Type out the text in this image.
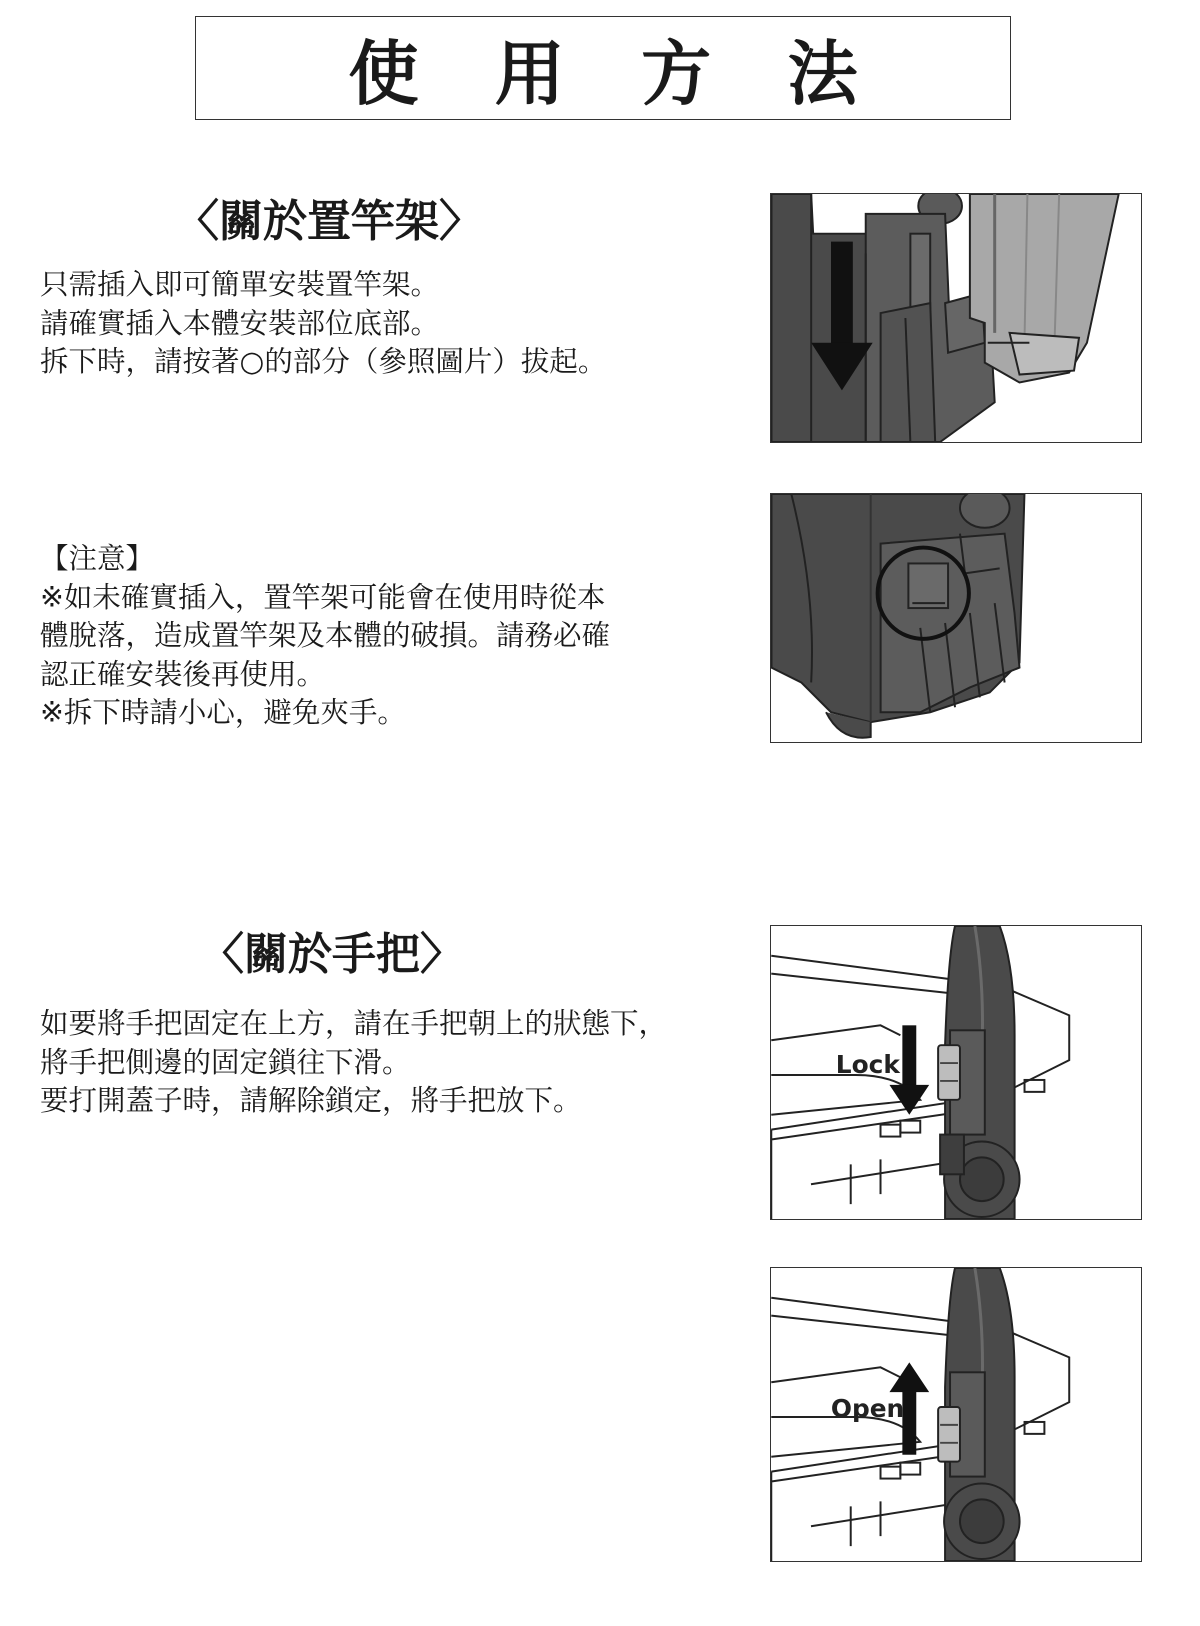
使 用 方 法
〈關於置竿架〉
只需插入即可簡單安裝置竿架。
請確實插入本體安裝部位底部。
拆下時，請按著○的部分（參照圖片）拔起。
【注意】
※如未確實插入，置竿架可能會在使用時從本
體脫落，造成置竿架及本體的破損。請務必確
認正確安裝後再使用。
※拆下時請小心，避免夾手。
〈關於手把〉
如要將手把固定在上方，請在手把朝上的狀態下，
將手把側邊的固定鎖往下滑。
要打開蓋子時，請解除鎖定，將手把放下。
Lock
Open
